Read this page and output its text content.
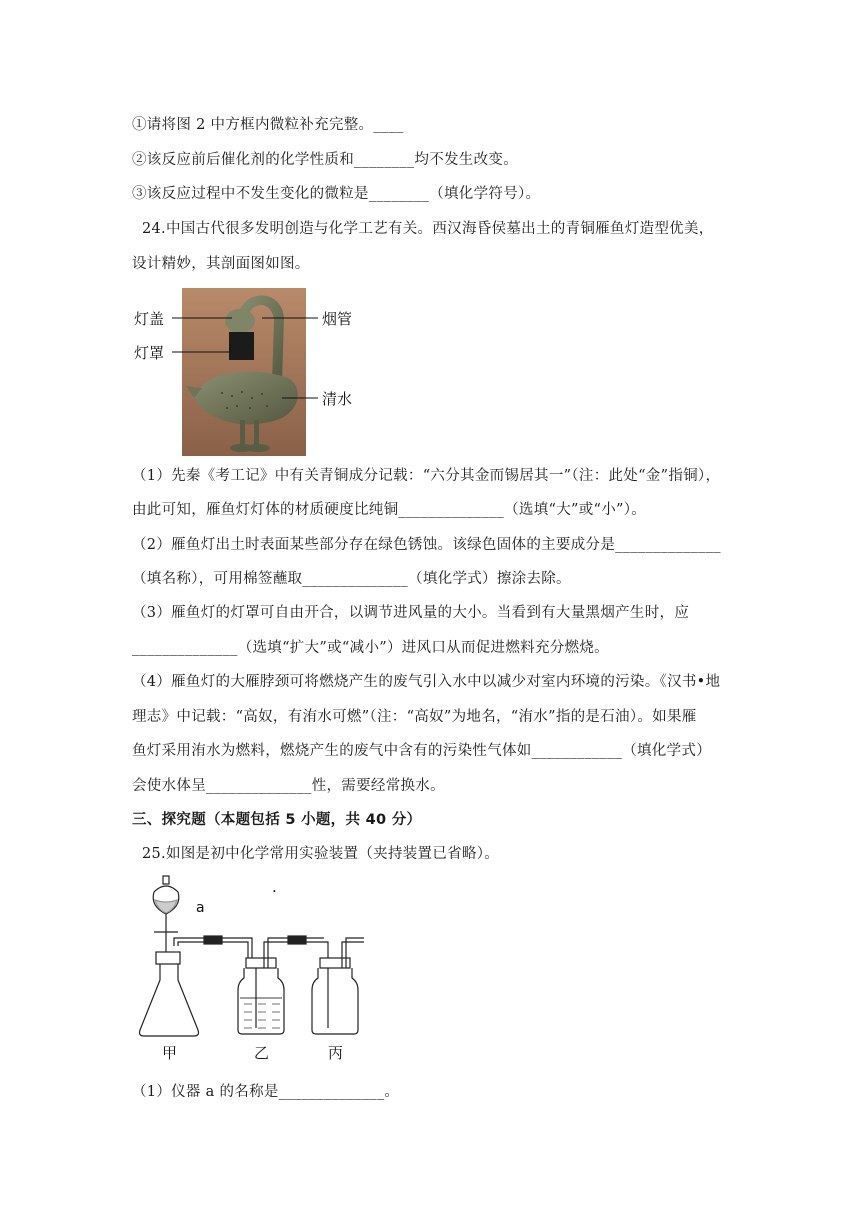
①请将图 2 中方框内微粒补充完整。____
②该反应前后催化剂的化学性质和________均不发生改变。
③该反应过程中不发生变化的微粒是________（填化学符号）。
24.中国古代很多发明创造与化学工艺有关。西汉海昏侯墓出土的青铜雁鱼灯造型优美，
设计精妙，其剖面图如图。
灯盖
灯罩
烟管
清水
（1）先秦《考工记》中有关青铜成分记载：“六分其金而锡居其一”（注：此处“金”指铜），
由此可知，雁鱼灯灯体的材质硬度比纯铜______________（选填“大”或“小”）。
（2）雁鱼灯出土时表面某些部分存在绿色锈蚀。该绿色固体的主要成分是______________
（填名称），可用棉签蘸取______________（填化学式）擦涂去除。
（3）雁鱼灯的灯罩可自由开合，以调节进风量的大小。当看到有大量黑烟产生时，应
______________（选填“扩大”或“减小”）进风口从而促进燃料充分燃烧。
（4）雁鱼灯的大雁脖颈可将燃烧产生的废气引入水中以减少对室内环境的污染。《汉书•地
理志》中记载：“高奴，有洧水可燃”（注：“高奴”为地名，“洧水”指的是石油）。如果雁
鱼灯采用洧水为燃料，燃烧产生的废气中含有的污染性气体如____________（填化学式）
会使水体呈______________性，需要经常换水。
三、探究题（本题包括 5 小题，共 40 分）
25.如图是初中化学常用实验装置（夹持装置已省略）。
a
.
甲	乙	丙
（1）仪器 a 的名称是______________。
